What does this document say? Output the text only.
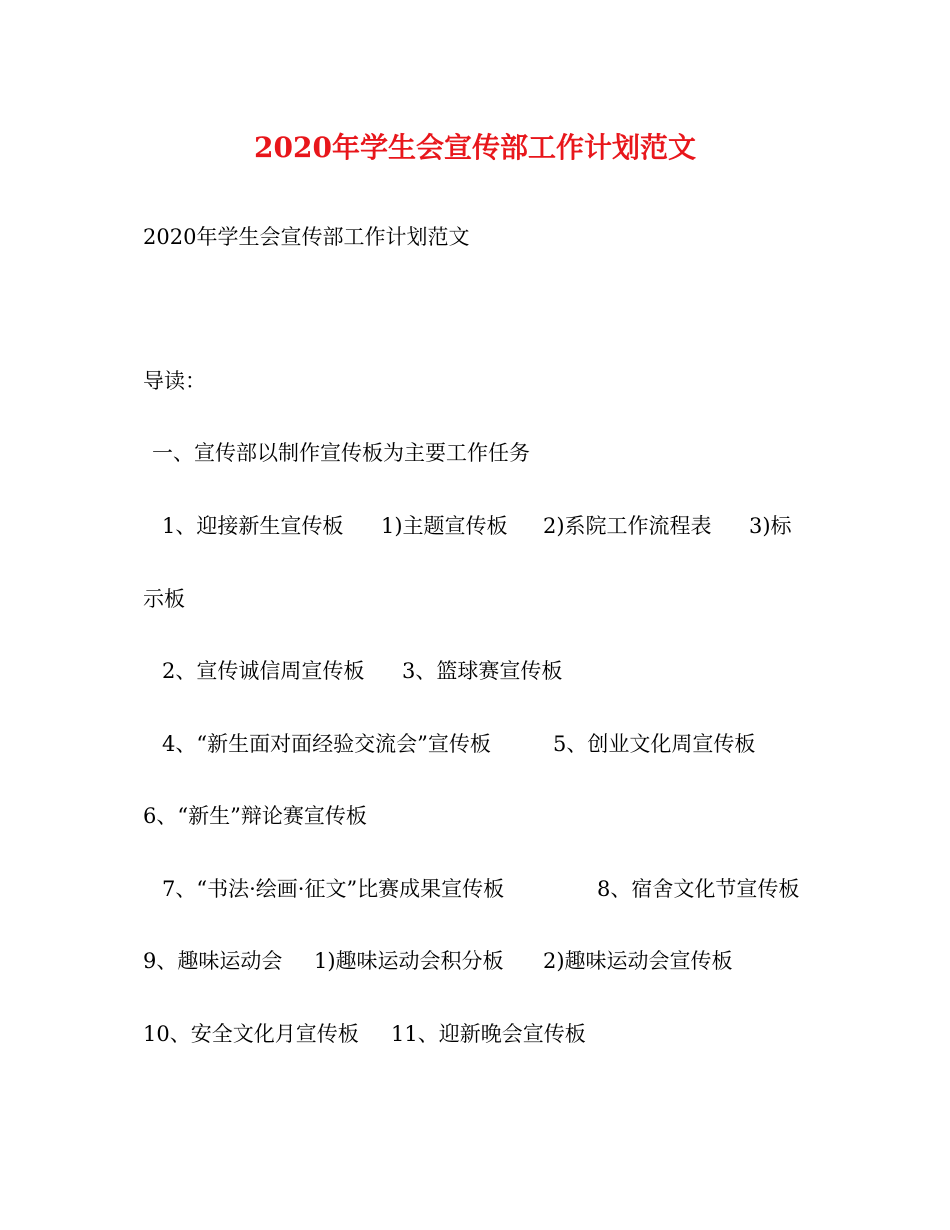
2020年学生会宣传部工作计划范文

2020年学生会宣传部工作计划范文

导读：

一、宣传部以制作宣传板为主要工作任务

1、迎接新生宣传板

1)主题宣传板

2)系院工作流程表

3)标

示板

2、宣传诚信周宣传板

3、篮球赛宣传板

4、“新生面对面经验交流会”宣传板

	5、创业文化周宣传板

6、“新生”辩论赛宣传板

7、“书法·绘画·征文”比赛成果宣传板

	8、宿舍文化节宣传板

9、趣味运动会

1)趣味运动会积分板

2)趣味运动会宣传板

10、安全文化月宣传板

11、迎新晚会宣传板
